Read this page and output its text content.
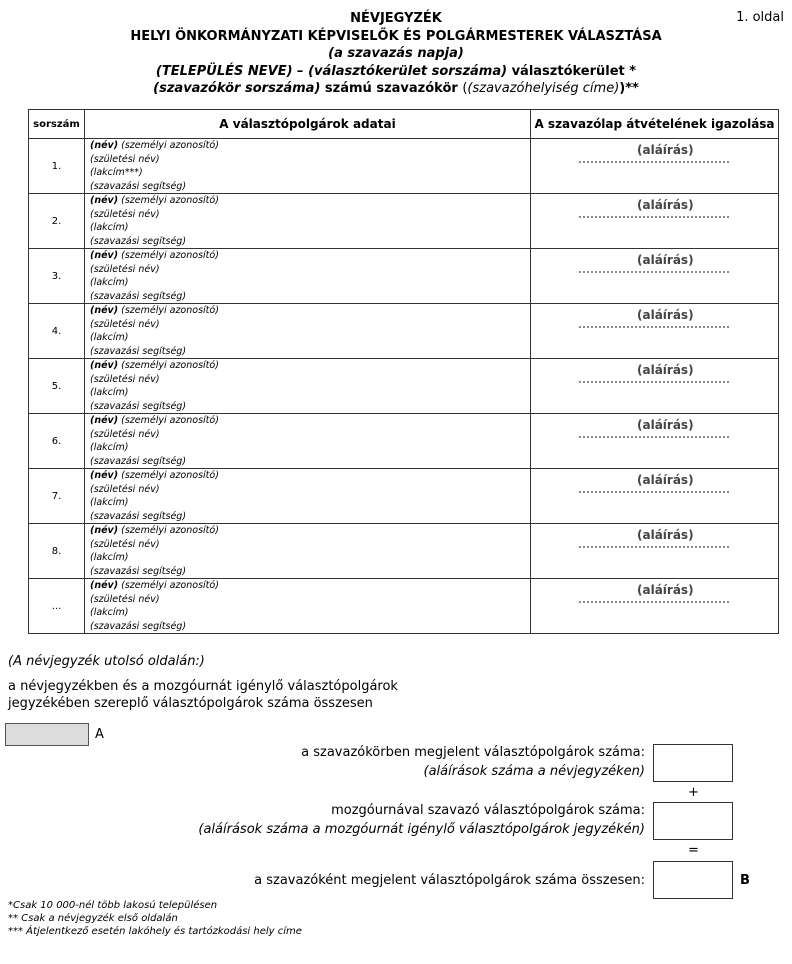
1. oldal
NÉVJEGYZÉK
HELYI ÖNKORMÁNYZATI KÉPVISELŐK ÉS POLGÁRMESTEREK VÁLASZTÁSA
(a szavazás napja)
(TELEPÜLÉS NEVE) – (választókerület sorszáma) választókerület *
(szavazókör sorszáma) számú szavazókör ((szavazóhelyiség címe))**
sorszám	A választópolgárok adatai	A szavazólap átvételének igazolása
1.	(név) (személyi azonosító)
(születési név)
(lakcím***)
(szavazási segítség)	(aláírás)

2.	(név) (személyi azonosító)
(születési név)
(lakcím)
(szavazási segítség)	(aláírás)

3.	(név) (személyi azonosító)
(születési név)
(lakcím)
(szavazási segítség)	(aláírás)

4.	(név) (személyi azonosító)
(születési név)
(lakcím)
(szavazási segítség)	(aláírás)

5.	(név) (személyi azonosító)
(születési név)
(lakcím)
(szavazási segítség)	(aláírás)

6.	(név) (személyi azonosító)
(születési név)
(lakcím)
(szavazási segítség)	(aláírás)

7.	(név) (személyi azonosító)
(születési név)
(lakcím)
(szavazási segítség)	(aláírás)

8.	(név) (személyi azonosító)
(születési név)
(lakcím)
(szavazási segítség)	(aláírás)

...	(név) (személyi azonosító)
(születési név)
(lakcím)
(szavazási segítség)	(aláírás)
(A névjegyzék utolsó oldalán:)
a névjegyzékben és a mozgóurnát igénylő választópolgárok
jegyzékében szereplő választópolgárok száma összesen
A
a szavazókörben megjelent választópolgárok száma:
(aláírások száma a névjegyzéken)
+
mozgóurnával szavazó választópolgárok száma:
(aláírások száma a mozgóurnát igénylő választópolgárok jegyzékén)
=
a szavazóként megjelent választópolgárok száma összesen:	B
*Csak 10 000-nél több lakosú településen
** Csak a névjegyzék első oldalán
*** Átjelentkező esetén lakóhely és tartózkodási hely címe
